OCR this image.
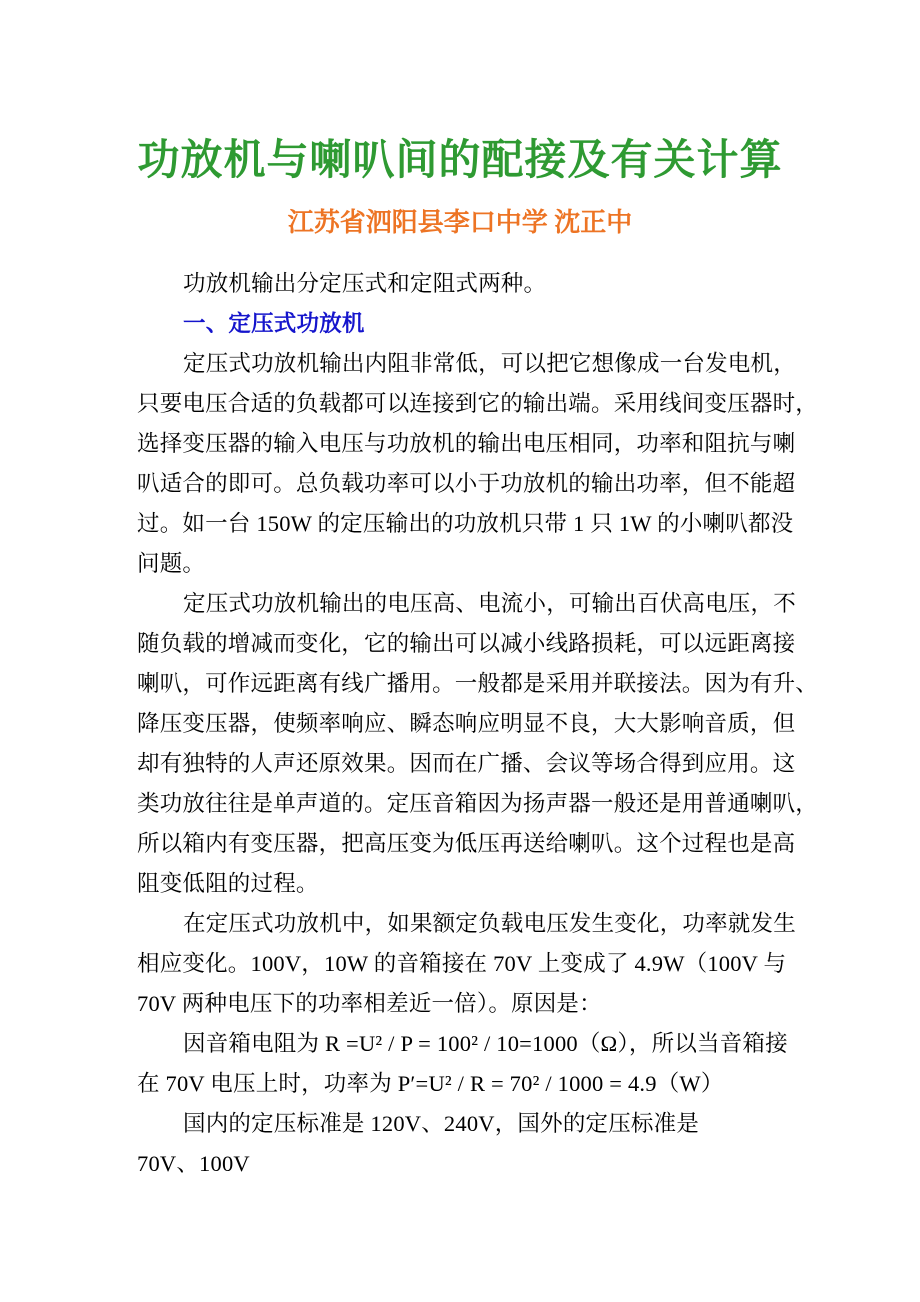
功放机与喇叭间的配接及有关计算
江苏省泗阳县李口中学 沈正中

功放机输出分定压式和定阻式两种。

一、定压式功放机

定压式功放机输出内阻非常低，可以把它想像成一台发电机，

只要电压合适的负载都可以连接到它的输出端。采用线间变压器时，

选择变压器的输入电压与功放机的输出电压相同，功率和阻抗与喇

叭适合的即可。总负载功率可以小于功放机的输出功率，但不能超

过。如一台 150W 的定压输出的功放机只带 1 只 1W 的小喇叭都没

问题。

定压式功放机输出的电压高、电流小，可输出百伏高电压，不

随负载的增减而变化，它的输出可以减小线路损耗，可以远距离接

喇叭，可作远距离有线广播用。一般都是采用并联接法。因为有升、

降压变压器，使频率响应、瞬态响应明显不良，大大影响音质，但

却有独特的人声还原效果。因而在广播、会议等场合得到应用。这

类功放往往是单声道的。定压音箱因为扬声器一般还是用普通喇叭，

所以箱内有变压器，把高压变为低压再送给喇叭。这个过程也是高

阻变低阻的过程。

在定压式功放机中，如果额定负载电压发生变化，功率就发生

相应变化。100V，10W 的音箱接在 70V 上变成了 4.9W（100V 与

70V 两种电压下的功率相差近一倍）。原因是：

因音箱电阻为 R =U² / P = 100² / 10=1000（Ω），所以当音箱接

在 70V 电压上时，功率为 P′=U² / R = 70² / 1000 = 4.9（W）

国内的定压标准是 120V、240V，国外的定压标准是

70V、100V
